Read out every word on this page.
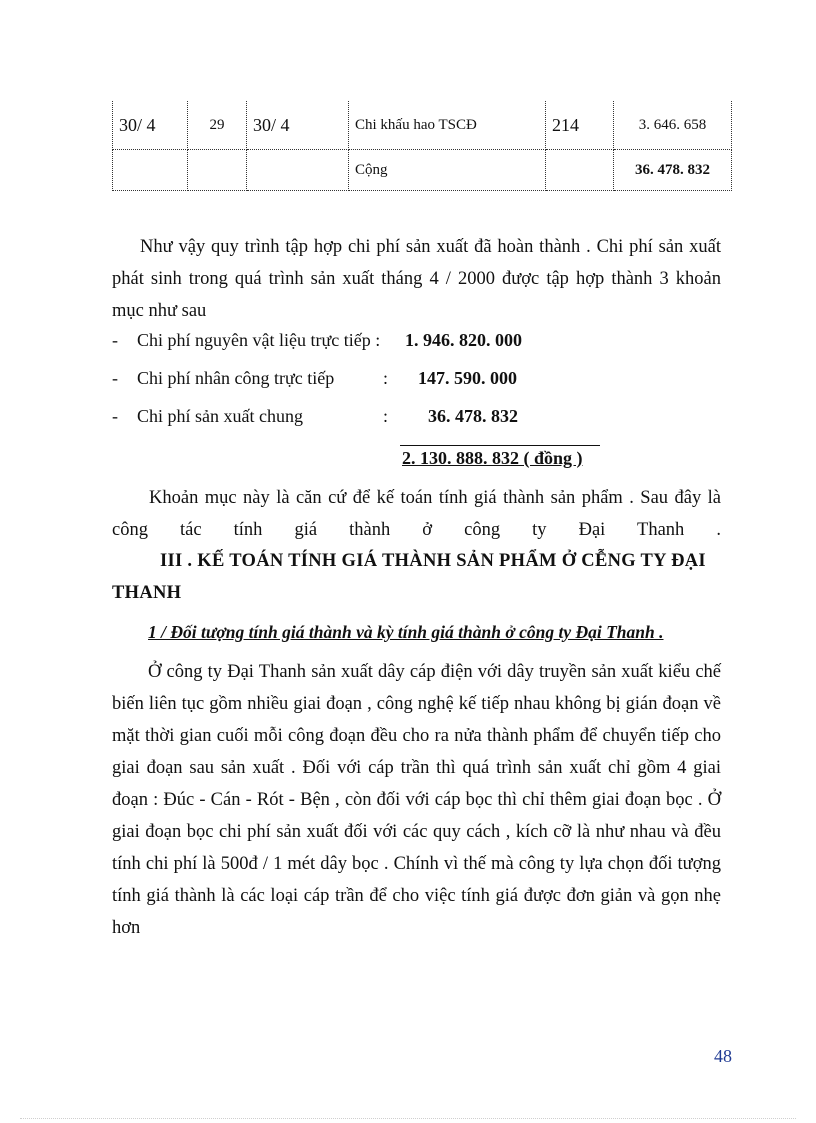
30/ 4	29	30/ 4	Chi khấu hao TSCĐ	214	3. 646. 658
			Cộng		36. 478. 832
Như vậy quy trình tập hợp chi phí sản xuất đã hoàn thành . Chi phí sản xuất
phát sinh trong quá trình sản xuất tháng 4 / 2000 được tập hợp thành 3 khoản
mục như sau
- Chi phí nguyên vật liệu trực tiếp : 1. 946. 820. 000
- Chi phí nhân công trực tiếp	: 147. 590. 000
- Chi phí sản xuất chung	: 36. 478. 832
2. 130. 888. 832 ( đồng )
Khoản mục này là căn cứ để kế toán tính giá thành sản phẩm . Sau đây là
công tác tính giá thành ở công ty Đại Thanh .
III . KẾ TOÁN TÍNH GIÁ THÀNH SẢN PHẨM Ở CỄNG TY ĐẠI
THANH
1 / Đối tượng tính giá thành và kỳ tính giá thành ở công ty Đại Thanh .
Ở công ty Đại Thanh sản xuất dây cáp điện với dây truyền sản xuất kiểu chế
biến liên tục gồm nhiều giai đoạn , công nghệ kế tiếp nhau không bị gián đoạn về
mặt thời gian cuối mỗi công đoạn đều cho ra nửa thành phẩm để chuyển tiếp cho
giai đoạn sau sản xuất . Đối với cáp trần thì quá trình sản xuất chỉ gồm 4 giai
đoạn : Đúc - Cán - Rót - Bện , còn đối với cáp bọc thì chỉ thêm giai đoạn bọc . Ở
giai đoạn bọc chi phí sản xuất đối với các quy cách , kích cỡ là như nhau và đều
tính chi phí là 500đ / 1 mét dây bọc . Chính vì thế mà công ty lựa chọn đối tượng
tính giá thành là các loại cáp trần để cho việc tính giá được đơn giản và gọn nhẹ
hơn
48
